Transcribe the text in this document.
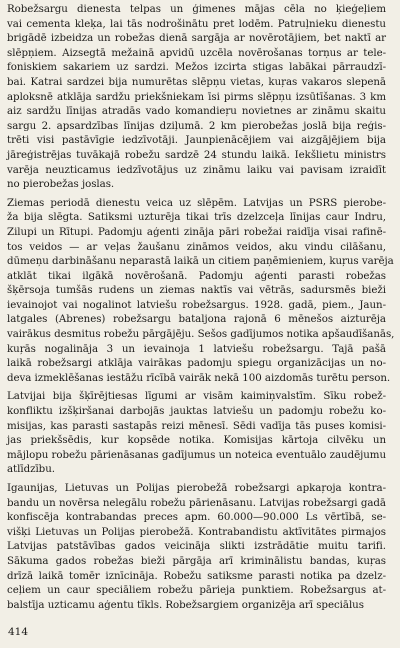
Robežsargu dienesta telpas un ģimenes mājas cēla no ķieģeļiem
vai cementa kleķa, lai tās nodrošinātu pret lodēm. Patruļnieku dienestu
brigādē izbeidza un robežas dienā sargāja ar novērotājiem, bet naktī ar
slēpņiem. Aizsegtā mežainā apvidū uzcēla novērošanas torņus ar tele-
foniskiem sakariem uz sardzi. Mežos izcirta stigas labākai pārraudzī-
bai. Katrai sardzei bija numurētas slēpņu vietas, kuŗas vakaros slepenā
aploksnē atklāja sardžu priekšniekam īsi pirms slēpņu izsūtīšanas. 3 km
aiz sardžu līnijas atradās vado komandieŗu novietnes ar zināmu skaitu
sargu 2. apsardzības līnijas dziļumā. 2 km pierobežas joslā bija reģis-
trēti visi pastāvīgie iedzīvotāji. Jaunpienācējiem vai aizgājējiem bija
jāreģistrējas tuvākajā robežu sardzē 24 stundu laikā. Iekšlietu ministrs
varēja neuzticamus iedzīvotājus uz zināmu laiku vai pavisam izraidīt
no pierobežas joslas.

Ziemas periodā dienestu veica uz slēpēm. Latvijas un PSRS pierobe-
ža bija slēgta. Satiksmi uzturēja tikai trīs dzelzceļa līnijas caur Indru,
Zilupi un Rītupi. Padomju aģenti zināja pāri robežai raidīja visai rafinē-
tos veidos — ar veļas žaušanu zināmos veidos, aku vindu cilāšanu,
dūmeņu darbināšanu neparastā laikā un citiem paņēmieniem, kuŗus varēja
atklāt tikai ilgākā novērošanā. Padomju aģenti parasti robežas
šķērsoja tumšās rudens un ziemas naktīs vai vētrās, sadursmēs bieži
ievainojot vai nogalinot latviešu robežsargus. 1928. gadā, piem., Jaun-
latgales (Abrenes) robežsargu bataljona rajonā 6 mēnešos aizturēja
vairākus desmitus robežu pārgājēju. Sešos gadījumos notika apšaudīšanās,
kuŗās nogalināja 3 un ievainoja 1 latviešu robežsargu. Tajā pašā
laikā robežsargi atklāja vairākas padomju spiegu organizācijas un no-
deva izmeklēšanas iestāžu rīcībā vairāk nekā 100 aizdomās turētu person.

Latvijai bija šķīrējtiesas līgumi ar visām kaimiņvalstīm. Sīku robež-
konfliktu izšķiršanai darbojās jauktas latviešu un padomju robežu ko-
misijas, kas parasti sastapās reizi mēnesī. Sēdi vadīja tās puses komisi-
jas priekšsēdis, kur kopsēde notika. Komisijas kārtoja cilvēku un
mājlopu robežu pārienāsanas gadījumus un noteica eventuālo zaudējumu
atlīdzību.

Igaunijas, Lietuvas un Polijas pierobežā robežsargi apkaŗoja kontra-
bandu un novērsa nelegālu robežu pārienāsanu. Latvijas robežsargi gadā
konfiscēja kontrabandas preces apm. 60.000—90.000 Ls vērtībā, se-
višķi Lietuvas un Polijas pierobežā. Kontrabandistu aktīvitātes pirmajos
Latvijas patstāvības gados veicināja slikti izstrādātie muitu tarifi.
Sākuma gados robežas bieži pārgāja arī kriminālistu bandas, kuŗas
drīzā laikā tomēr iznīcināja. Robežu satiksme parasti notika pa dzelz-
ceļiem un caur speciāliem robežu pārieja punktiem. Robežsargus at-
balstīja uzticamu aģentu tīkls. Robežsargiem organizēja arī speciālus

414
